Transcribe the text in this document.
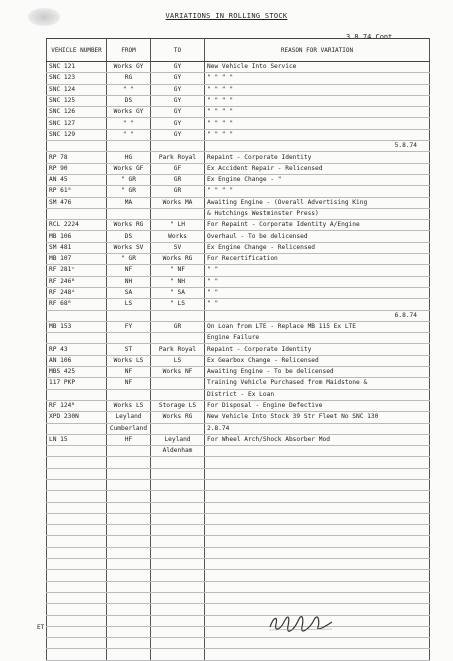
VARIATIONS IN ROLLING STOCK
3.8.74 Cont.
VEHICLE NUMBER	FROM	TO	REASON FOR VARIATION
SNC 121	Works GY	GY	New Vehicle Into Service
SNC 123	RG	GY	" " " "
SNC 124	" "	GY	" " " "
SNC 125	DS	GY	" " " "
SNC 126	Works GY	GY	" " " "
SNC 127	" "	GY	" " " "
SNC 129	" "	GY	" " " "
			5.8.74
RP 78	HG	Park Royal	Repaint - Corporate Identity
RP 90	Works GF	GF	Ex Accident Repair - Relicensed
AN 45	" GR	GR	Ex Engine Change - "
RP 61⁸	" GR	GR	" " " "
SM 476	MA	Works MA	Awaiting Engine - (Overall Advertising King
			& Hutchings Westminster Press)
RCL 2224	Works RG	" LH	For Repaint - Corporate Identity A/Engine
MB 106	DS	Works	Overhaul - To be delicensed
SM 481	Works SV	SV	Ex Engine Change - Relicensed
MB 107	" GR	Works RG	For Recertification
RF 281ᶜ	NF	" NF	" "
RF 246ᴮ	NH	" NH	" "
RF 248ᴬ	SA	" SA	" "
RF 68ᴮ	LS	" LS	" "
			6.8.74
MB 153	FY	GR	On Loan from LTE - Replace MB 115 Ex LTE
			Engine Failure
RP 43	ST	Park Royal	Repaint - Corporate Identity
AN 106	Works LS	LS	Ex Gearbox Change - Relicensed
MBS 425	NF	Works NF	Awaiting Engine - To be delicensed
117 PKP	NF		Training Vehicle Purchased from Maidstone &
			District - Ex Loan
RF 124ᴮ	Works LS	Storage LS	For Disposal - Engine Defective
XPD 230N	Leyland	Works RG	New Vehicle Into Stock 39 Str Fleet No SNC 130
	Cumberland		2.8.74
LN 15	HF	Leyland	For Wheel Arch/Shock Absorber Mod
		Aldenham	

ET
